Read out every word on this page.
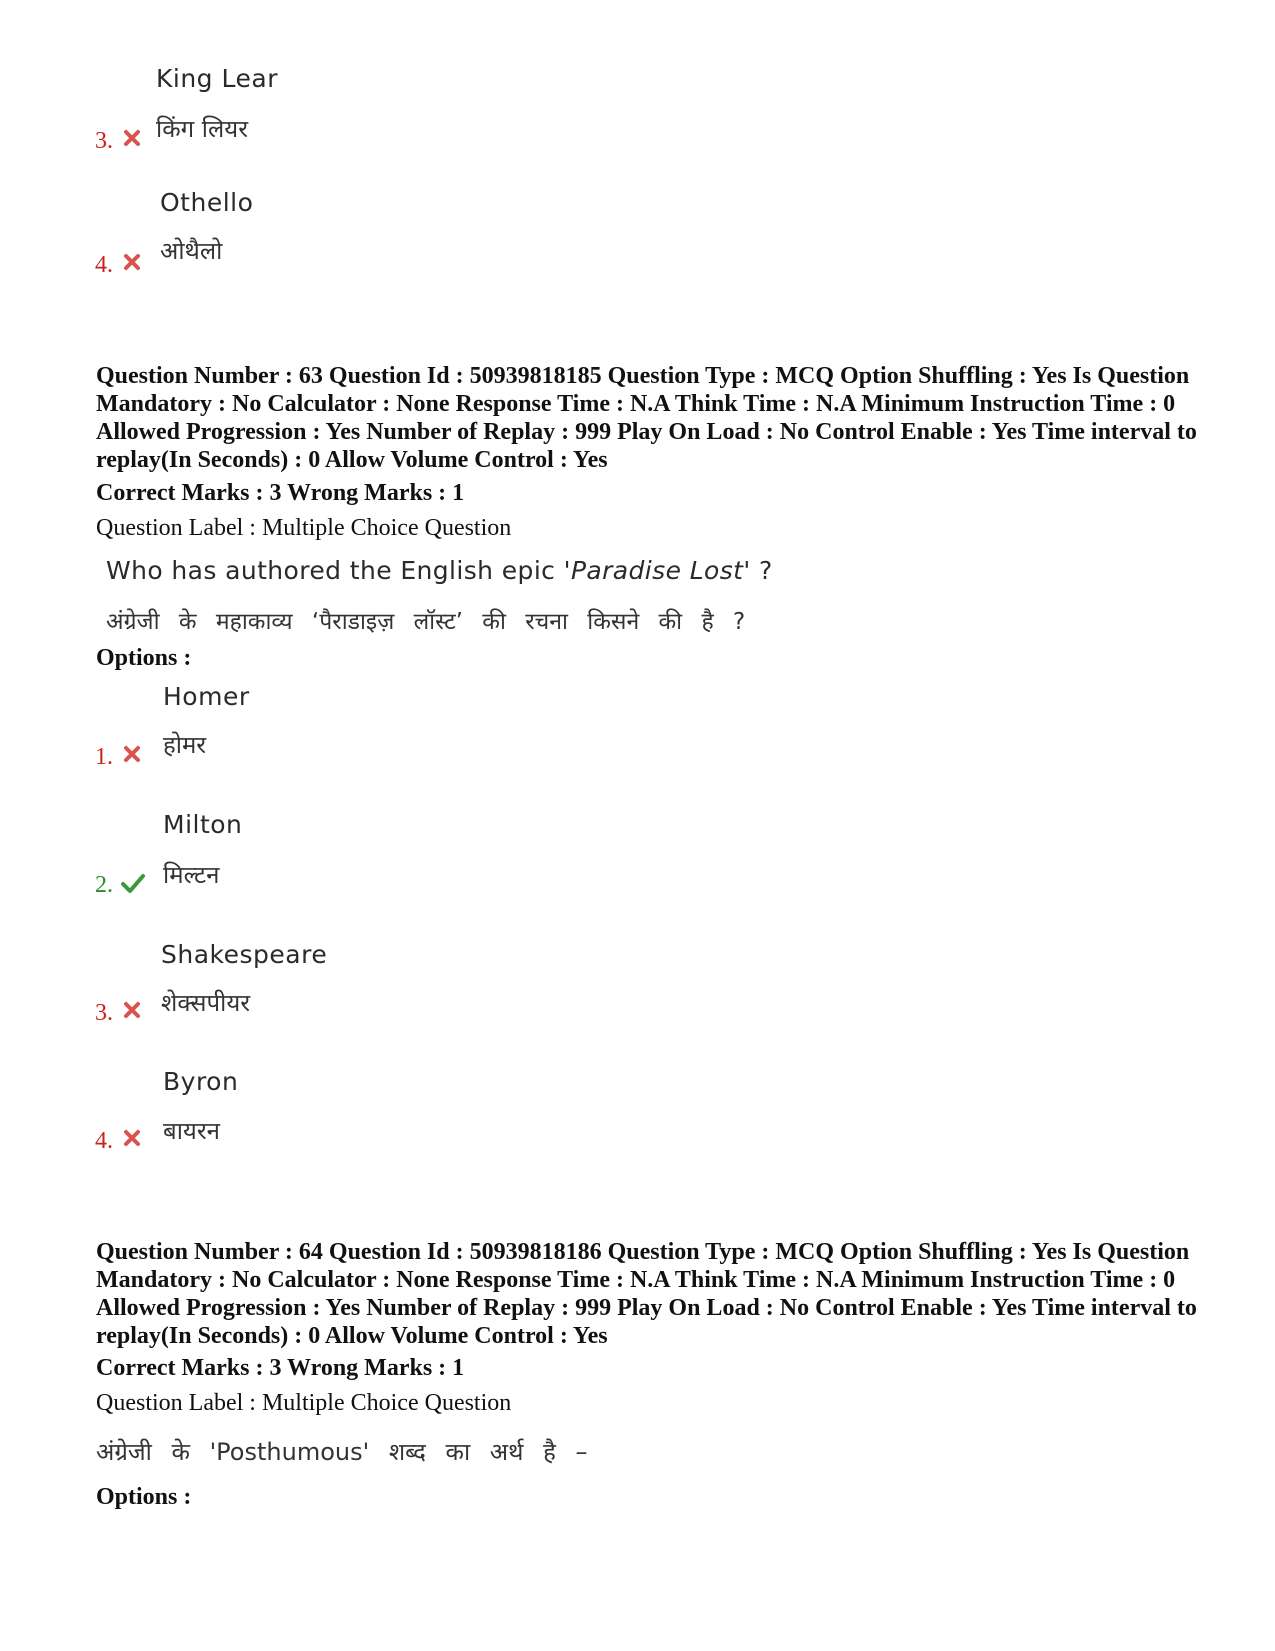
King Lear
किंग लियर
3.
Othello
ओथैलो
4.
Question Number : 63 Question Id : 50939818185 Question Type : MCQ Option Shuffling : Yes Is Question Mandatory : No Calculator : None Response Time : N.A Think Time : N.A Minimum Instruction Time : 0 Allowed Progression : Yes Number of Replay : 999 Play On Load : No Control Enable : Yes Time interval to replay(In Seconds) : 0 Allow Volume Control : Yes
Correct Marks : 3 Wrong Marks : 1
Question Label : Multiple Choice Question
Who has authored the English epic 'Paradise Lost' ?
अंग्रेजी के महाकाव्य ‘पैराडाइज़ लॉस्ट’ की रचना किसने की है ?
Options :
Homer
होमर
1.
Milton
मिल्टन
2.
Shakespeare
शेक्सपीयर
3.
Byron
बायरन
4.
Question Number : 64 Question Id : 50939818186 Question Type : MCQ Option Shuffling : Yes Is Question Mandatory : No Calculator : None Response Time : N.A Think Time : N.A Minimum Instruction Time : 0 Allowed Progression : Yes Number of Replay : 999 Play On Load : No Control Enable : Yes Time interval to replay(In Seconds) : 0 Allow Volume Control : Yes
Correct Marks : 3 Wrong Marks : 1
Question Label : Multiple Choice Question
अंग्रेजी के 'Posthumous' शब्द का अर्थ है –
Options :
